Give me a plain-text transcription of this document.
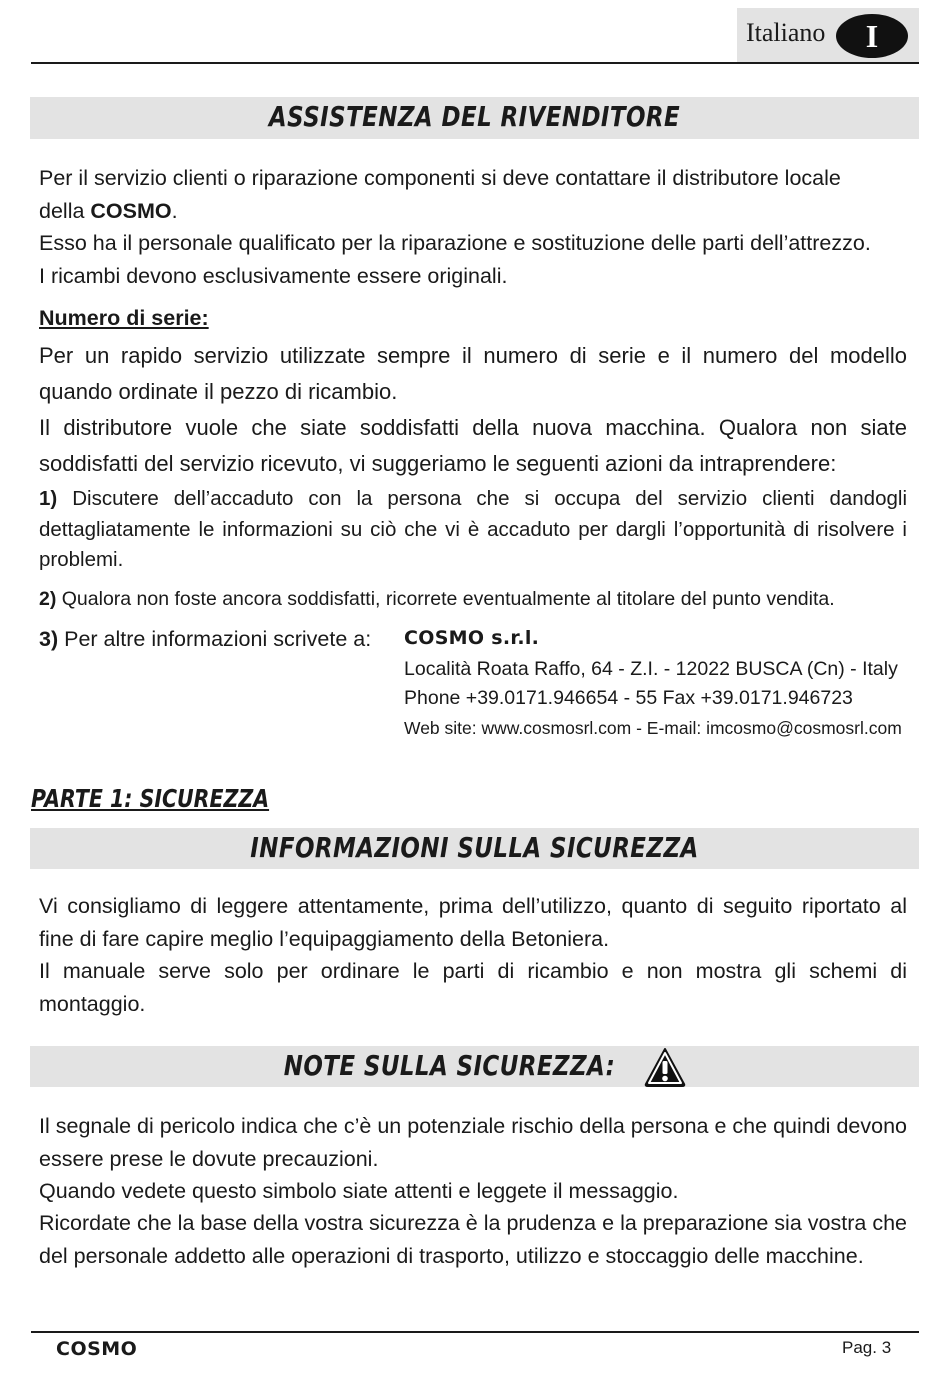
Italiano	I
ASSISTENZA DEL RIVENDITORE

Per il servizio clienti o riparazione componenti si deve contattare il distributore locale

della COSMO.

Esso ha il personale qualificato per la riparazione e sostituzione delle parti dell’attrezzo.

I ricambi devono esclusivamente essere originali.

Numero di serie:
Per un rapido servizio utilizzate sempre il numero di serie e il numero del modello quando ordinate il pezzo di ricambio.
Il distributore vuole che siate soddisfatti della nuova macchina. Qualora non siate soddisfatti del servizio ricevuto, vi suggeriamo le seguenti azioni da intraprendere:
1) Discutere dell’accaduto con la persona che si occupa del servizio clienti dandogli dettagliatamente le informazioni su ciò che vi è accaduto per dargli l’opportunità di risolvere i problemi.
2) Qualora non foste ancora soddisfatti, ricorrete eventualmente al titolare del punto vendita.
3) Per altre informazioni scrivete a:	COSMO s.r.l.
Località Roata Raffo, 64 - Z.I. - 12022 BUSCA (Cn) - Italy
Phone +39.0171.946654 - 55 Fax +39.0171.946723
Web site: www.cosmosrl.com - E-mail: imcosmo@cosmosrl.com
PARTE 1: SICUREZZA
INFORMAZIONI SULLA SICUREZZA
Vi consigliamo di leggere attentamente, prima dell’utilizzo, quanto di seguito riportato al fine di fare capire meglio l’equipaggiamento della Betoniera.
Il manuale serve solo per ordinare le parti di ricambio e non mostra gli schemi di montaggio.
NOTE SULLA SICUREZZA:
Il segnale di pericolo indica che c’è un potenziale rischio della persona e che quindi devono essere prese le dovute precauzioni.
Quando vedete questo simbolo siate attenti e leggete il messaggio.
Ricordate che la base della vostra sicurezza è la prudenza e la preparazione sia vostra che del personale addetto alle operazioni di trasporto, utilizzo e stoccaggio delle macchine.
COSMO	Pag. 3
